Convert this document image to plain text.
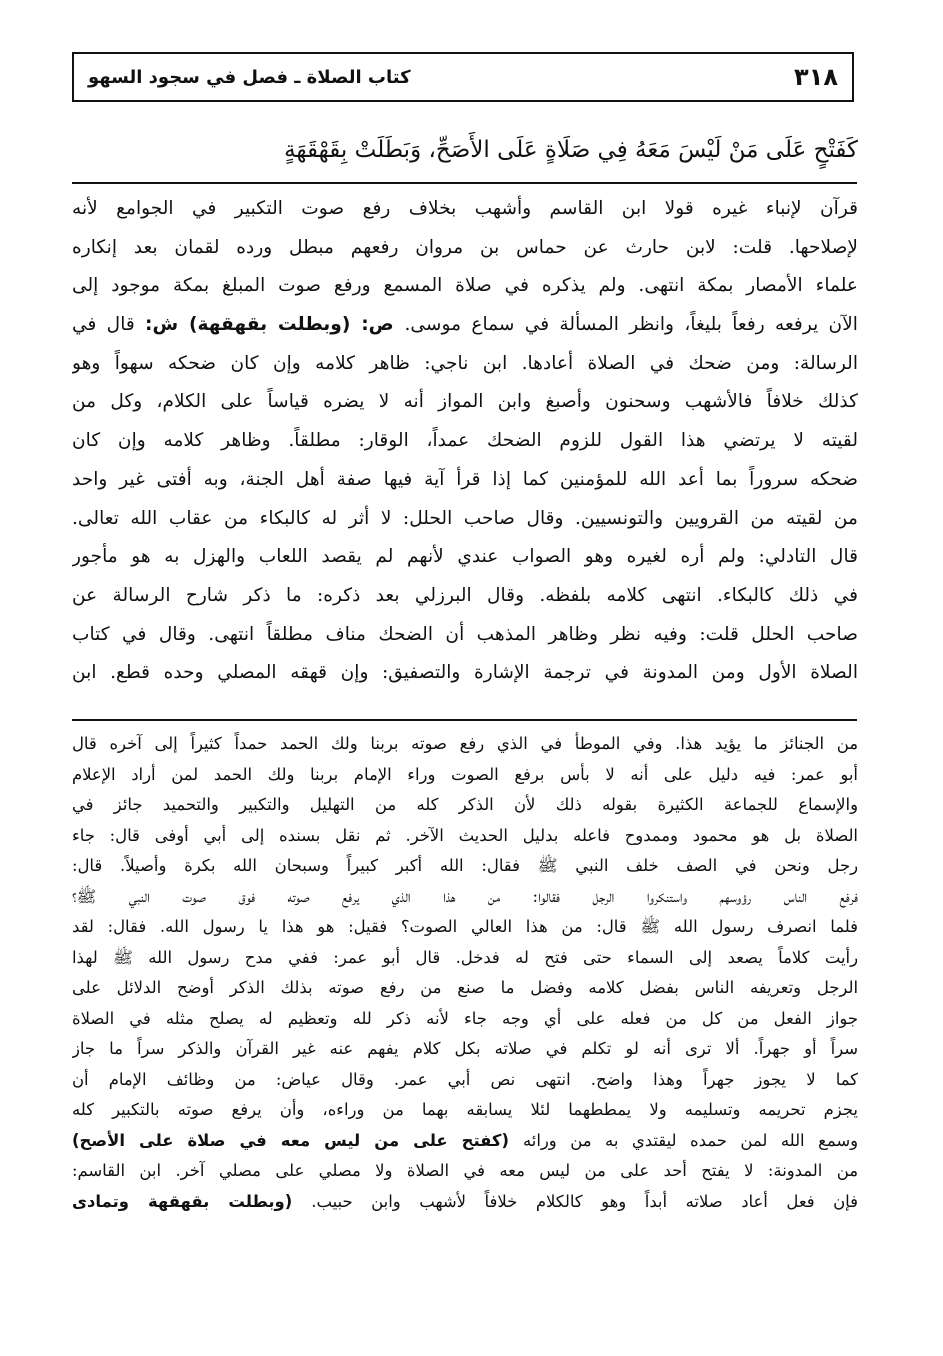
٣١٨
كتاب الصلاة ـ فصل في سجود السهو
كَفَتْحٍ عَلَى مَنْ لَيْسَ مَعَهُ فِي صَلَاةٍ عَلَى الأَصَحِّ، وَبَطَلَتْ بِقَهْقَهَةٍ
قرآن لإنباء غيره قولا ابن القاسم وأشهب بخلاف رفع صوت التكبير في الجوامع لأنه
لإصلاحها. قلت: لابن حارث عن حماس بن مروان رفعهم مبطل ورده لقمان بعد إنكاره
علماء الأمصار بمكة انتهى. ولم يذكره في صلاة المسمع ورفع صوت المبلغ بمكة موجود إلى
الآن يرفعه رفعاً بليغاً، وانظر المسألة في سماع موسى. ص: (وبطلت بقهقهة) ش: قال في
الرسالة: ومن ضحك في الصلاة أعادها. ابن ناجي: ظاهر كلامه وإن كان ضحكه سهواً وهو
كذلك خلافاً فالأشهب وسحنون وأصبغ وابن المواز أنه لا يضره قياساً على الكلام، وكل من
لقيته لا يرتضي هذا القول للزوم الضحك عمداً، الوقار: مطلقاً. وظاهر كلامه وإن كان
ضحكه سروراً بما أعد الله للمؤمنين كما إذا قرأ آية فيها صفة أهل الجنة، وبه أفتى غير واحد
من لقيته من القرويين والتونسيين. وقال صاحب الحلل: لا أثر له كالبكاء من عقاب الله تعالى.
قال التادلي: ولم أره لغيره وهو الصواب عندي لأنهم لم يقصد اللعاب والهزل به هو مأجور
في ذلك كالبكاء. انتهى كلامه بلفظه. وقال البرزلي بعد ذكره: ما ذكر شارح الرسالة عن
صاحب الحلل قلت: وفيه نظر وظاهر المذهب أن الضحك مناف مطلقاً انتهى. وقال في كتاب
الصلاة الأول ومن المدونة في ترجمة الإشارة والتصفيق: وإن قهقه المصلي وحده قطع. ابن
من الجنائز ما يؤيد هذا. وفي الموطأ في الذي رفع صوته بربنا ولك الحمد حمداً كثيراً إلى آخره قال
أبو عمر: فيه دليل على أنه لا بأس برفع الصوت وراء الإمام بربنا ولك الحمد لمن أراد الإعلام
والإسماع للجماعة الكثيرة بقوله ذلك لأن الذكر كله من التهليل والتكبير والتحميد جائز في
الصلاة بل هو محمود وممدوح فاعله بدليل الحديث الآخر. ثم نقل بسنده إلى أبي أوفى قال: جاء
رجل ونحن في الصف خلف النبي ﷺ فقال: الله أكبر كبيراً وسبحان الله بكرة وأصيلاً. قال:
فرفع الناس رؤوسهم واستنكروا الرجل فقالوا: من هذا الذي يرفع صوته فوق صوت النبي ﷺ؟
فلما انصرف رسول الله ﷺ قال: من هذا العالي الصوت؟ فقيل: هو هذا يا رسول الله. فقال: لقد
رأيت كلاماً يصعد إلى السماء حتى فتح له فدخل. قال أبو عمر: ففي مدح رسول الله ﷺ لهذا
الرجل وتعريفه الناس بفضل كلامه وفضل ما صنع من رفع صوته بذلك الذكر أوضح الدلائل على
جواز الفعل من كل من فعله على أي وجه جاء لأنه ذكر لله وتعظيم له يصلح مثله في الصلاة
سراً أو جهراً. ألا ترى أنه لو تكلم في صلاته بكل كلام يفهم عنه غير القرآن والذكر سراً ما جاز
كما لا يجوز جهراً وهذا واضح. انتهى نص أبي عمر. وقال عياض: من وظائف الإمام أن
يجزم تحريمه وتسليمه ولا يمططهما لئلا يسابقه بهما من وراءه، وأن يرفع صوته بالتكبير كله
وسمع الله لمن حمده ليقتدي به من ورائه (كفتح على من ليس معه في صلاة على الأصح)
من المدونة: لا يفتح أحد على من ليس معه في الصلاة ولا مصلي على مصلي آخر. ابن القاسم:
فإن فعل أعاد صلاته أبداً وهو كالكلام خلافاً لأشهب وابن حبيب. (وبطلت بقهقهة وتمادى
